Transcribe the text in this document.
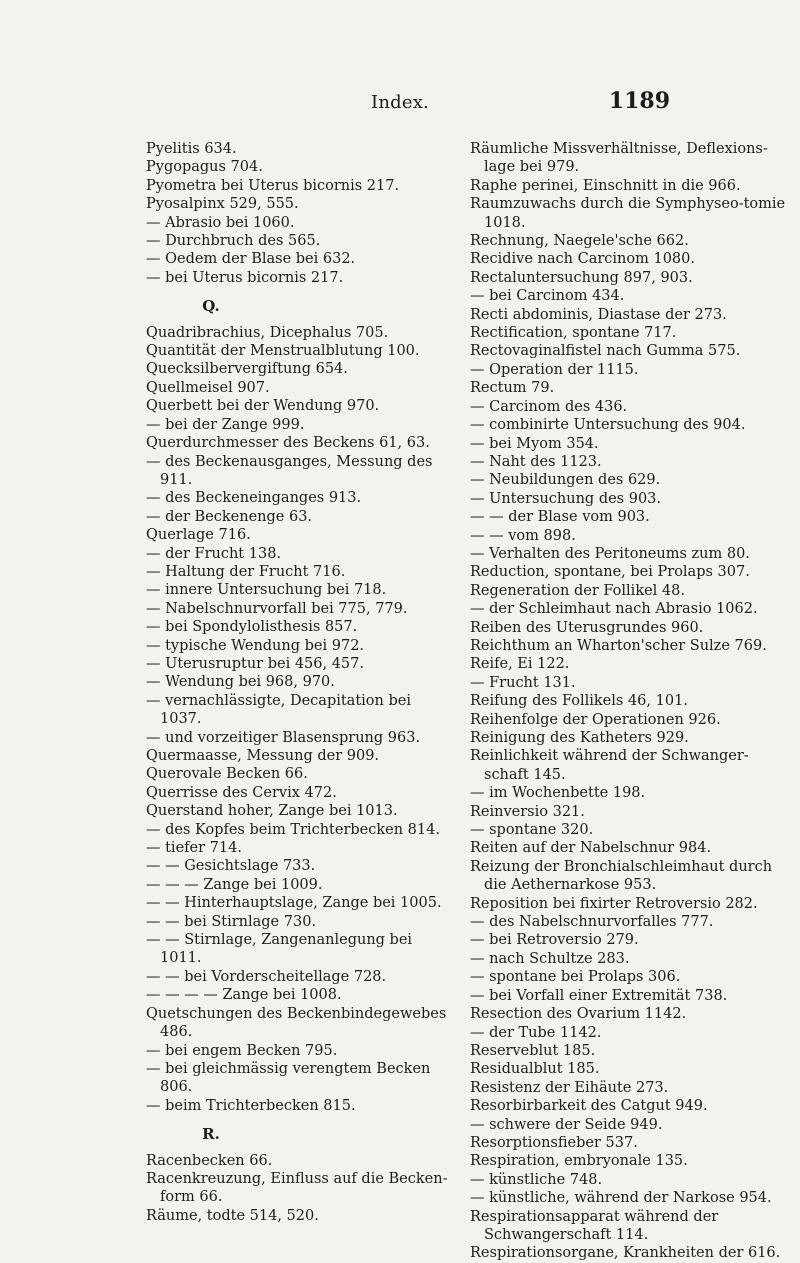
Index.	1189
Pyelitis 634.
Pygopagus 704.
Pyometra bei Uterus bicornis 217.
Pyosalpinx 529, 555.
— Abrasio bei 1060.
— Durchbruch des 565.
— Oedem der Blase bei 632.
— bei Uterus bicornis 217.
Q.
Quadribrachius, Dicephalus 705.
Quantität der Menstrualblutung 100.
Quecksilbervergiftung 654.
Quellmeisel 907.
Querbett bei der Wendung 970.
— bei der Zange 999.
Querdurchmesser des Beckens 61, 63.
— des Beckenausganges, Messung des 911.
— des Beckeneinganges 913.
— der Beckenenge 63.
Querlage 716.
— der Frucht 138.
— Haltung der Frucht 716.
— innere Untersuchung bei 718.
— Nabelschnurvorfall bei 775, 779.
— bei Spondylolisthesis 857.
— typische Wendung bei 972.
— Uterusruptur bei 456, 457.
— Wendung bei 968, 970.
— vernachlässigte, Decapitation bei 1037.
— und vorzeitiger Blasensprung 963.
Quermaasse, Messung der 909.
Querovale Becken 66.
Querrisse des Cervix 472.
Querstand hoher, Zange bei 1013.
— des Kopfes beim Trichterbecken 814.
— tiefer 714.
— — Gesichtslage 733.
— — — Zange bei 1009.
— — Hinterhauptslage, Zange bei 1005.
— — bei Stirnlage 730.
— — Stirnlage, Zangenanlegung bei 1011.
— — bei Vorderscheitellage 728.
— — — — Zange bei 1008.
Quetschungen des Beckenbindegewebes 486.
— bei engem Becken 795.
— bei gleichmässig verengtem Becken 806.
— beim Trichterbecken 815.
R.
Racenbecken 66.
Racenkreuzung, Einfluss auf die Becken-form 66.
Räume, todte 514, 520.
Räumliche Missverhältnisse, Deflexions-lage bei 979.
Raphe perinei, Einschnitt in die 966.
Raumzuwachs durch die Symphyseo-tomie 1018.
Rechnung, Naegele'sche 662.
Recidive nach Carcinom 1080.
Rectaluntersuchung 897, 903.
— bei Carcinom 434.
Recti abdominis, Diastase der 273.
Rectification, spontane 717.
Rectovaginalfistel nach Gumma 575.
— Operation der 1115.
Rectum 79.
— Carcinom des 436.
— combinirte Untersuchung des 904.
— bei Myom 354.
— Naht des 1123.
— Neubildungen des 629.
— Untersuchung des 903.
— — der Blase vom 903.
— — vom 898.
— Verhalten des Peritoneums zum 80.
Reduction, spontane, bei Prolaps 307.
Regeneration der Follikel 48.
— der Schleimhaut nach Abrasio 1062.
Reiben des Uterusgrundes 960.
Reichthum an Wharton'scher Sulze 769.
Reife, Ei 122.
— Frucht 131.
Reifung des Follikels 46, 101.
Reihenfolge der Operationen 926.
Reinigung des Katheters 929.
Reinlichkeit während der Schwanger-schaft 145.
— im Wochenbette 198.
Reinversio 321.
— spontane 320.
Reiten auf der Nabelschnur 984.
Reizung der Bronchialschleimhaut durch die Aethernarkose 953.
Reposition bei fixirter Retroversio 282.
— des Nabelschnurvorfalles 777.
— bei Retroversio 279.
— nach Schultze 283.
— spontane bei Prolaps 306.
— bei Vorfall einer Extremität 738.
Resection des Ovarium 1142.
— der Tube 1142.
Reserveblut 185.
Residualblut 185.
Resistenz der Eihäute 273.
Resorbirbarkeit des Catgut 949.
— schwere der Seide 949.
Resorptionsfieber 537.
Respiration, embryonale 135.
— künstliche 748.
— künstliche, während der Narkose 954.
Respirationsapparat während der Schwangerschaft 114.
Respirationsorgane, Krankheiten der 616.
